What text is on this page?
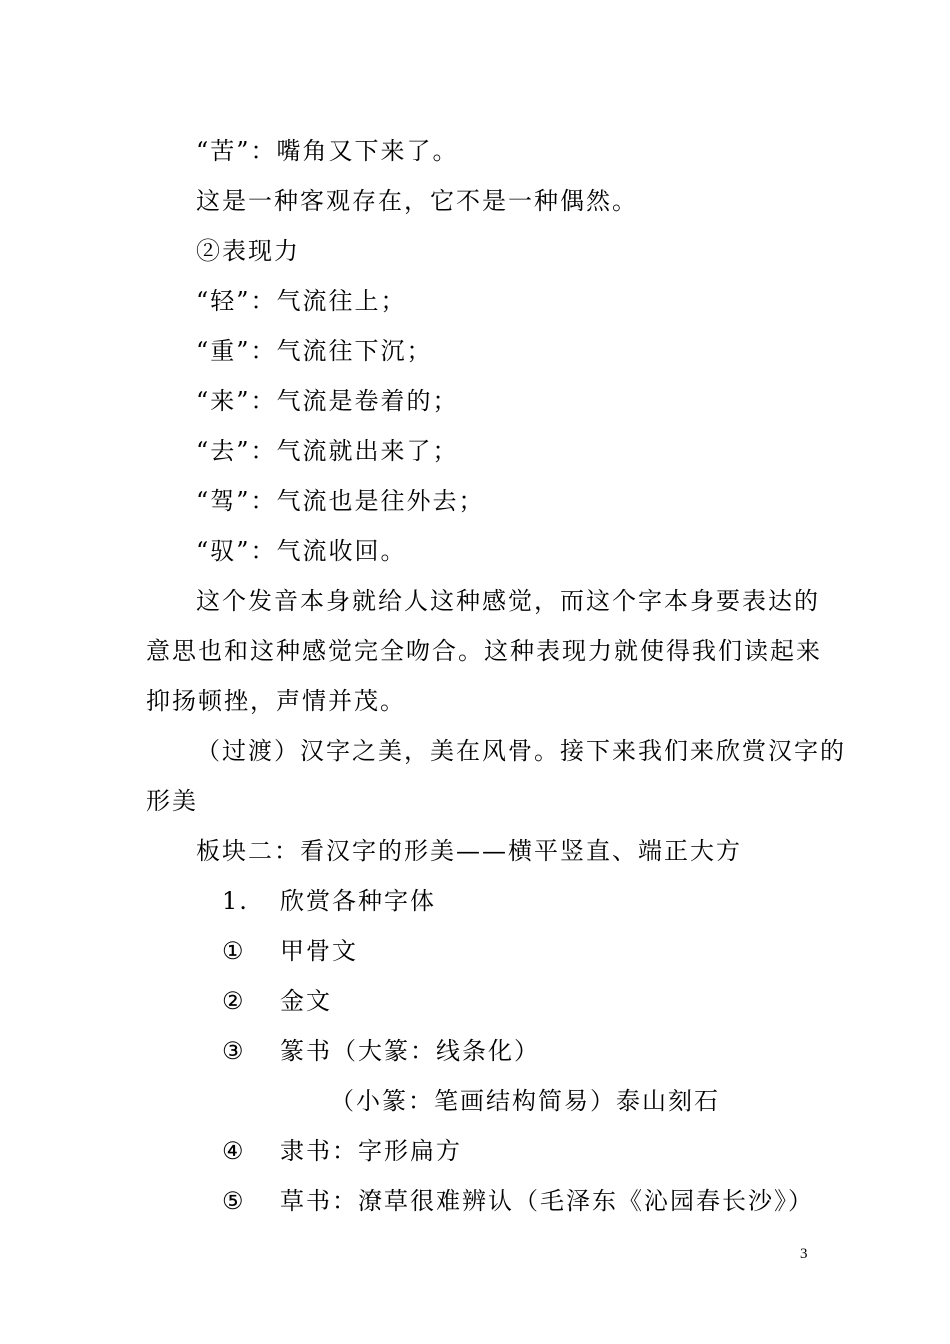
“苦”：嘴角又下来了。
这是一种客观存在，它不是一种偶然。
②表现力
“轻”：气流往上；
“重”：气流往下沉；
“来”：气流是卷着的；
“去”：气流就出来了；
“驾”：气流也是往外去；
“驭”：气流收回。
这个发音本身就给人这种感觉，而这个字本身要表达的
意思也和这种感觉完全吻合。这种表现力就使得我们读起来
抑扬顿挫，声情并茂。
（过渡）汉字之美，美在风骨。接下来我们来欣赏汉字的
形美
板块二：看汉字的形美——横平竖直、端正大方
1. 欣赏各种字体
① 甲骨文
② 金文
③ 篆书（大篆：线条化）
（小篆：笔画结构简易）泰山刻石
④ 隶书：字形扁方
⑤ 草书：潦草很难辨认（毛泽东《沁园春长沙》）
3
